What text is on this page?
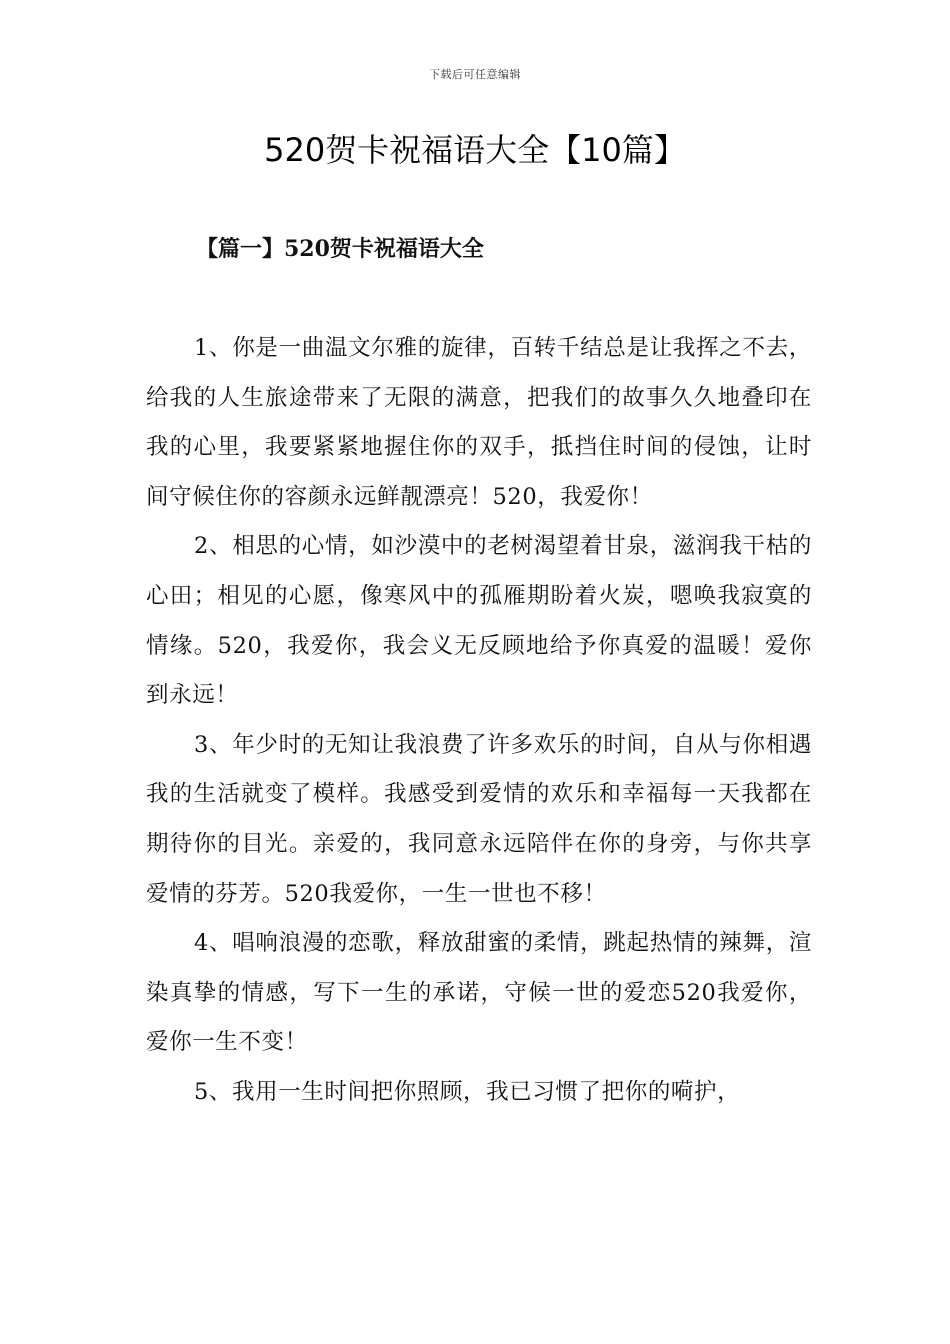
下载后可任意编辑
520贺卡祝福语大全【10篇】
【篇一】520贺卡祝福语大全

1、你是一曲温文尔雅的旋律，百转千结总是让我挥之不去，给我的人生旅途带来了无限的满意，把我们的故事久久地叠印在我的心里，我要紧紧地握住你的双手，抵挡住时间的侵蚀，让时间守候住你的容颜永远鲜靓漂亮！520，我爱你！

2、相思的心情，如沙漠中的老树渴望着甘泉，滋润我干枯的心田；相见的心愿，像寒风中的孤雁期盼着火炭，嗯唤我寂寞的情缘。520，我爱你，我会义无反顾地给予你真爱的温暖！爱你到永远！

3、年少时的无知让我浪费了许多欢乐的时间，自从与你相遇我的生活就变了模样。我感受到爱情的欢乐和幸福每一天我都在期待你的目光。亲爱的，我同意永远陪伴在你的身旁，与你共享爱情的芬芳。520我爱你，一生一世也不移！

4、唱响浪漫的恋歌，释放甜蜜的柔情，跳起热情的辣舞，渲染真挚的情感，写下一生的承诺，守候一世的爱恋520我爱你，爱你一生不变！

5、我用一生时间把你照顾，我已习惯了把你的嗬护，
